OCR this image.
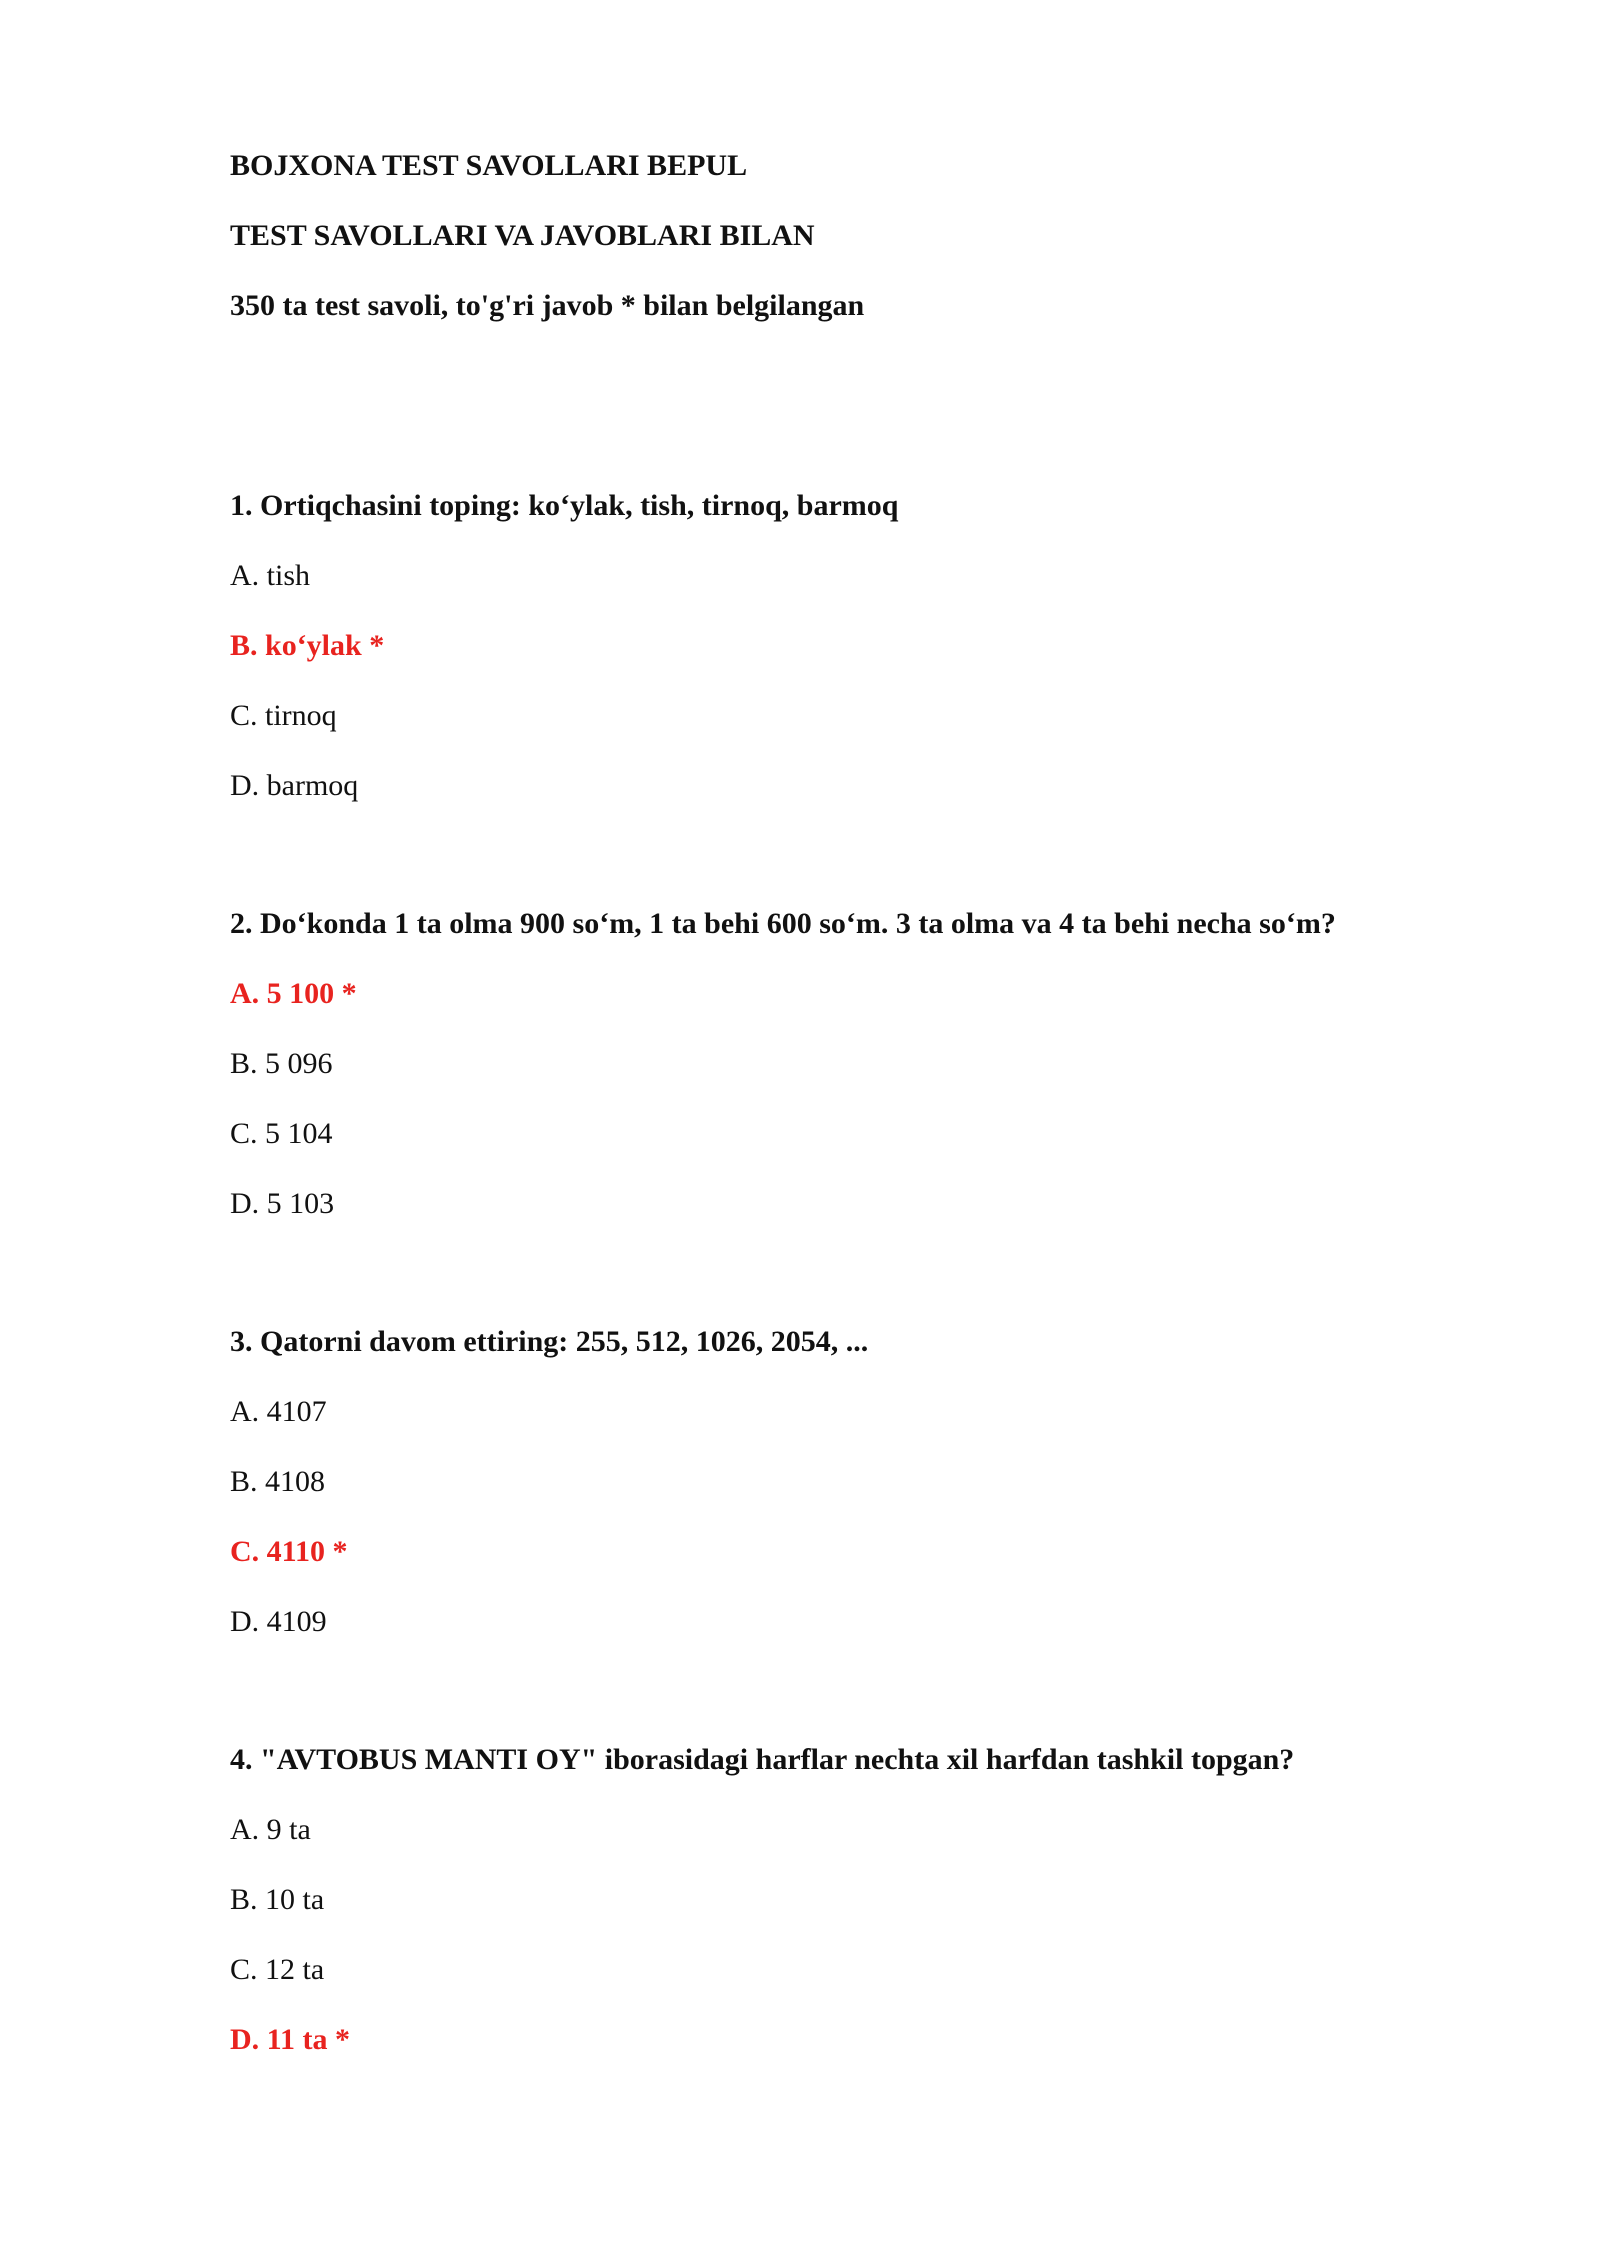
BOJXONA TEST SAVOLLARI BEPUL
TEST SAVOLLARI VA JAVOBLARI BILAN
350 ta test savoli, to'g'ri javob * bilan belgilangan
1. Ortiqchasini toping: ko‘ylak, tish, tirnoq, barmoq
A. tish
B. ko‘ylak *
C. tirnoq
D. barmoq
2. Do‘konda 1 ta olma 900 so‘m, 1 ta behi 600 so‘m. 3 ta olma va 4 ta behi necha so‘m?
A. 5 100 *
B. 5 096
C. 5 104
D. 5 103
3. Qatorni davom ettiring: 255, 512, 1026, 2054, ...
A. 4107
B. 4108
C. 4110 *
D. 4109
4. "AVTOBUS MANTI OY" iborasidagi harflar nechta xil harfdan tashkil topgan?
A. 9 ta
B. 10 ta
C. 12 ta
D. 11 ta *
